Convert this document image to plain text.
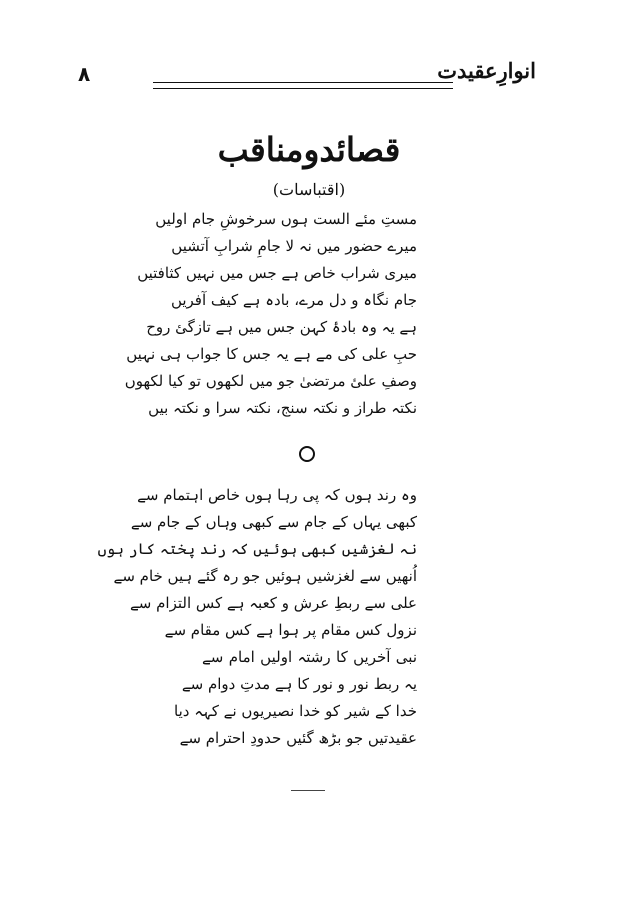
۸	انوارِعقیدت
قصائدومناقب
(اقتباسات)
مستِ مئے الست ہوں سرخوشِ جام اولیں
میرے حضور میں نہ لا جامِ شرابِ آتشیں
میری شراب خاص ہے جس میں نہیں کثافتیں
جام نگاہ و دل مرے، بادہ ہے کیف آفریں
ہے یہ وہ بادۂ کہن جس میں ہے تازگئ روح
حبِ علی کی مے ہے یہ جس کا جواب ہی نہیں
وصفِ علیٔ مرتضیٰ جو میں لکھوں تو کیا لکھوں
نکتہ طراز و نکتہ سنج، نکتہ سرا و نکتہ بیں
وہ رند ہوں کہ پی رہا ہوں خاص اہتمام سے
کبھی یہاں کے جام سے کبھی وہاں کے جام سے
نہ لغزشیں کبھی ہوئیں کہ رند پختہ کار ہوں
اُنھیں سے لغزشیں ہوئیں جو رہ گئے ہیں خام سے
علی سے ربطِ عرش و کعبہ ہے کس التزام سے
نزول کس مقام پر ہوا ہے کس مقام سے
نبی آخریں کا رشتہ اولیں امام سے
یہ ربط نور و نور کا ہے مدتِ دوام سے
خدا کے شیر کو خدا نصیریوں نے کہہ دیا
عقیدتیں جو بڑھ گئیں حدودِ احترام سے
